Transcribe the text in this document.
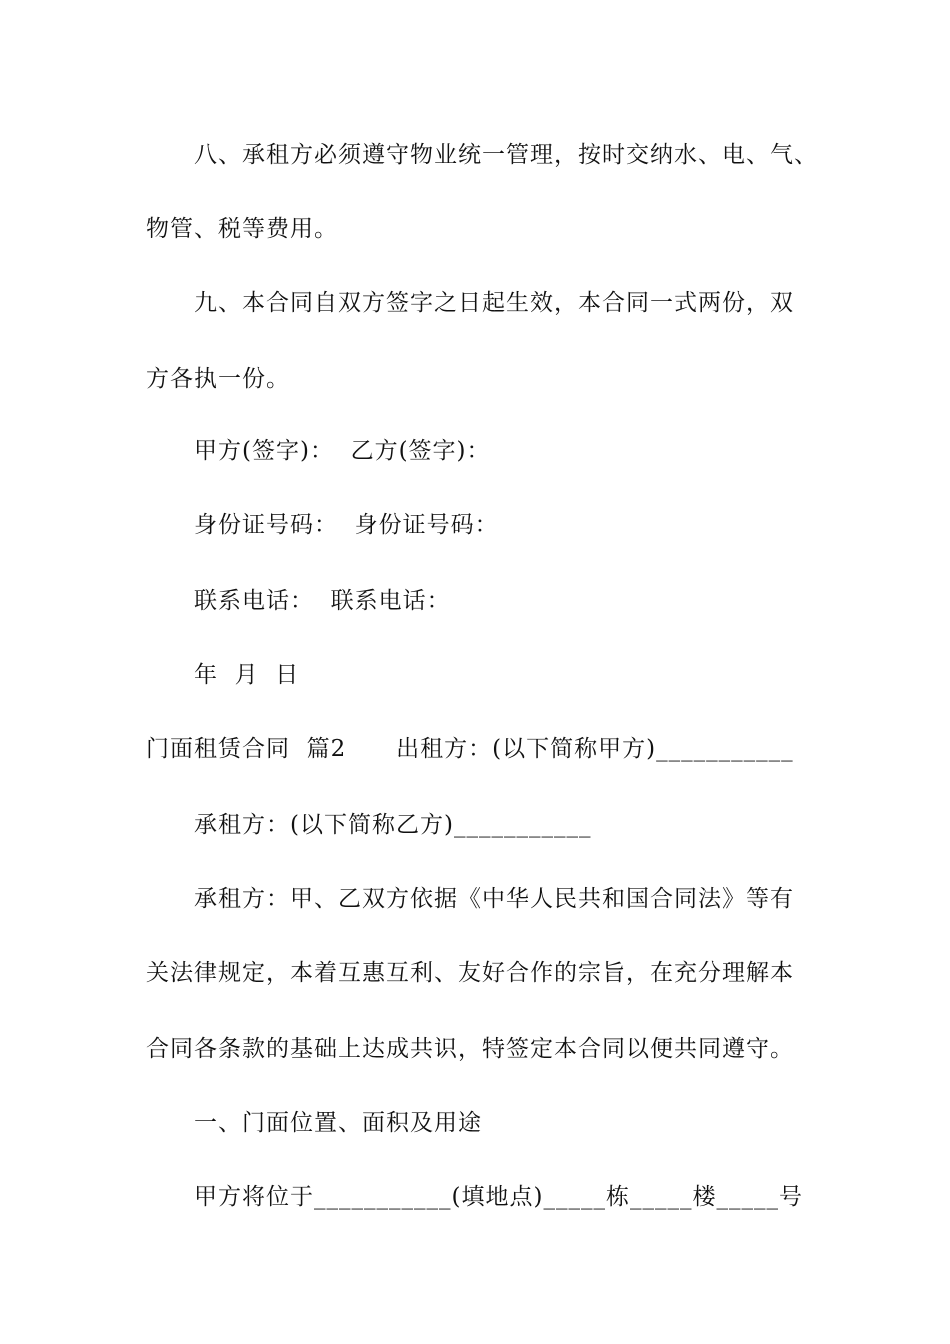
八、承租方必须遵守物业统一管理，按时交纳水、电、气、
物管、税等费用。
九、本合同自双方签字之日起生效，本合同一式两份，双
方各执一份。
甲方(签字)：  乙方(签字)：
身份证号码：  身份证号码：
联系电话：  联系电话：
年  月  日
门面租赁合同  篇2      出租方：(以下简称甲方)___________
承租方：(以下简称乙方)___________
承租方：甲、乙双方依据《中华人民共和国合同法》等有
关法律规定，本着互惠互利、友好合作的宗旨，在充分理解本
合同各条款的基础上达成共识，特签定本合同以便共同遵守。
一、门面位置、面积及用途
甲方将位于___________(填地点)_____栋_____楼_____号
